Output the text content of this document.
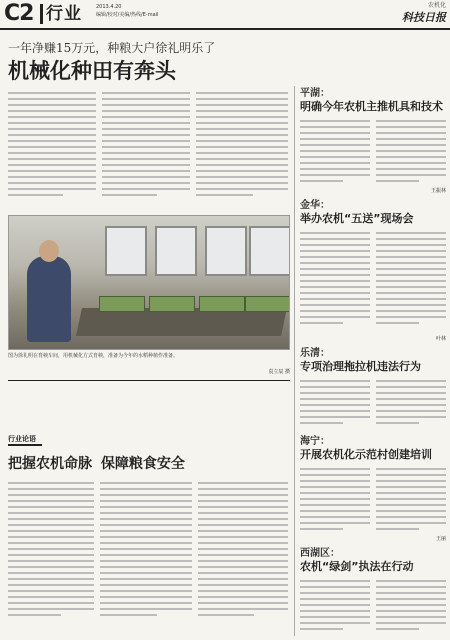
C2 行业	2013.4.20
编辑/校对/美编/热线/E-mail
农机化
科技日报
一年净赚15万元，种粮大户徐礼明乐了
机械化种田有奔头
图为徐礼明在育秧车间，用机械化方式育秧，准备为今年的水稻种植作准备。
袁立辰 摄
行业论语
把握农机命脉 保障粮食安全
平湖：
明确今年农机主推机具和技术
王振林
金华：
举办农机“五送”现场会
叶林
乐清：
专项治理拖拉机违法行为
海宁：
开展农机化示范村创建培训
王丽
西湖区：
农机“绿剑”执法在行动
